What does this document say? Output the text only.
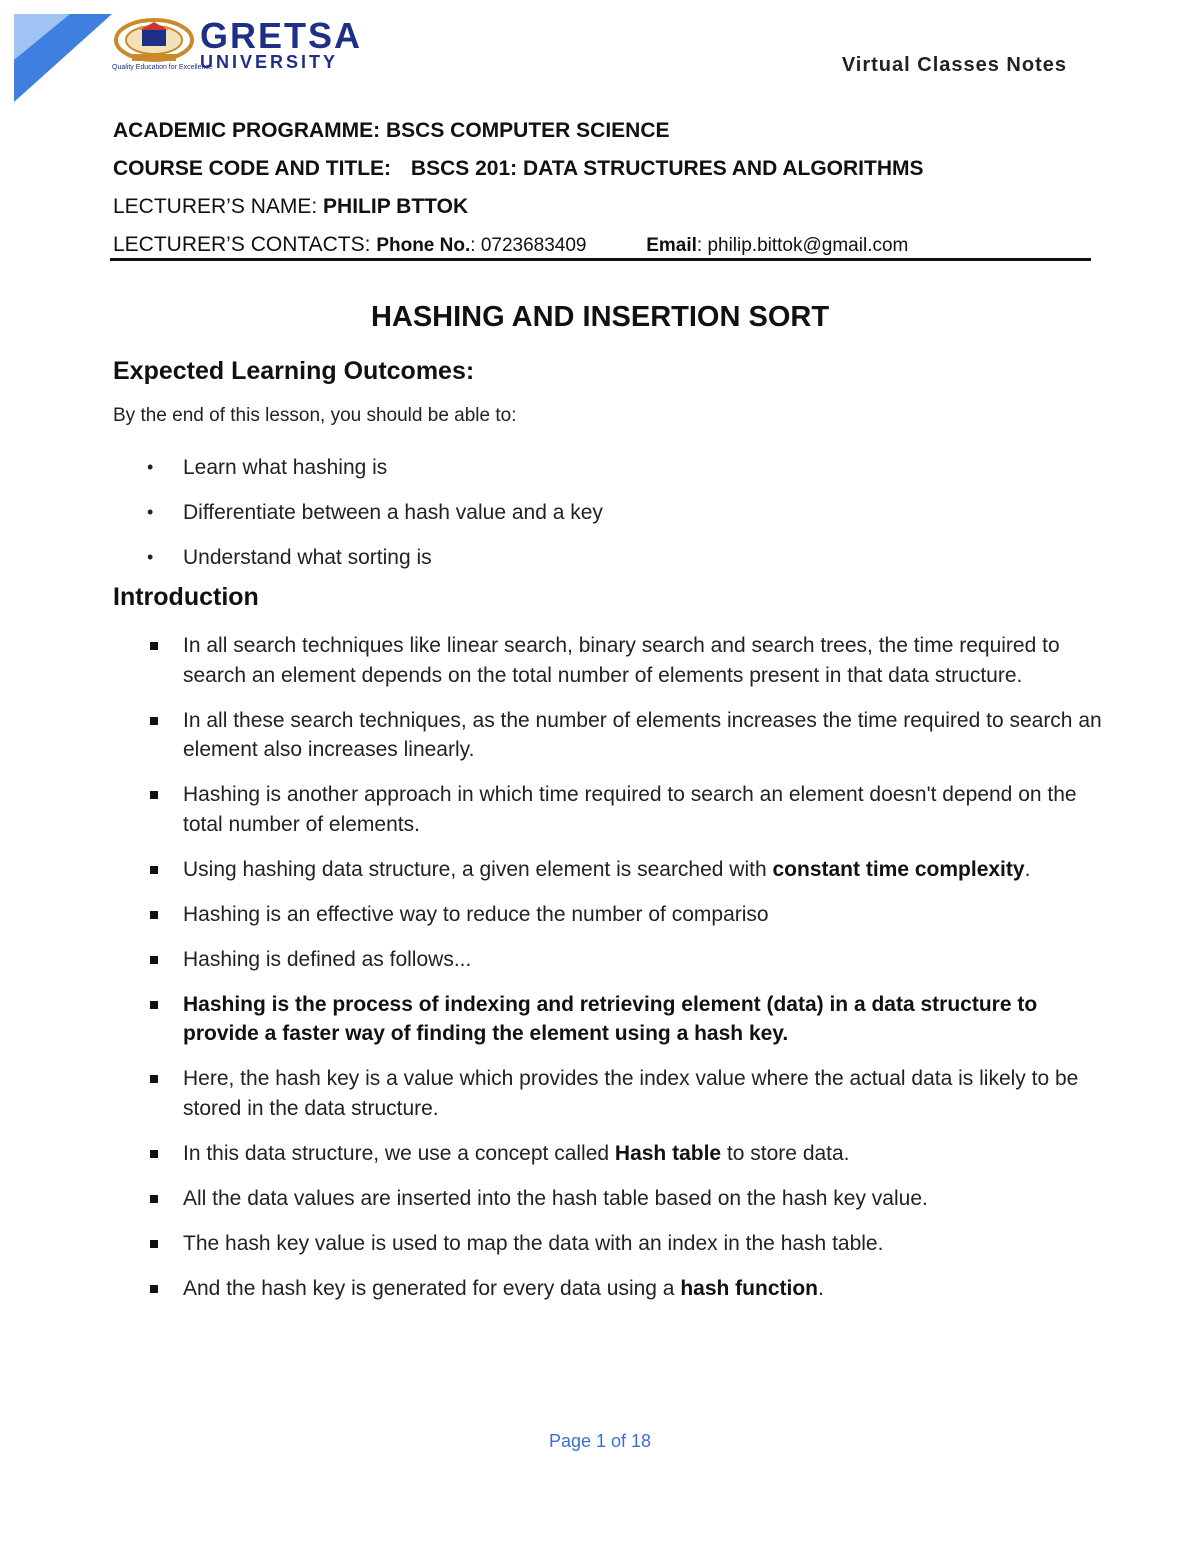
GRETSA
UNIVERSITY
Quality Education for Excellence	Virtual Classes Notes
ACADEMIC PROGRAMME: BSCS COMPUTER SCIENCE
COURSE CODE AND TITLE: BSCS 201: DATA STRUCTURES AND ALGORITHMS
LECTURER’S NAME: PHILIP BTTOK
LECTURER’S CONTACTS: Phone No.: 0723683409	Email: philip.bittok@gmail.com
HASHING AND INSERTION SORT
Expected Learning Outcomes:
By the end of this lesson, you should be able to:
• Learn what hashing is
• Differentiate between a hash value and a key
• Understand what sorting is
Introduction
In all search techniques like linear search, binary search and search trees, the time required to search an element depends on the total number of elements present in that data structure.
In all these search techniques, as the number of elements increases the time required to search an element also increases linearly.
Hashing is another approach in which time required to search an element doesn't depend on the total number of elements.
Using hashing data structure, a given element is searched with constant time complexity.
Hashing is an effective way to reduce the number of compariso
Hashing is defined as follows...
Hashing is the process of indexing and retrieving element (data) in a data structure to provide a faster way of finding the element using a hash key.
Here, the hash key is a value which provides the index value where the actual data is likely to be stored in the data structure.
In this data structure, we use a concept called Hash table to store data.
All the data values are inserted into the hash table based on the hash key value.
The hash key value is used to map the data with an index in the hash table.
And the hash key is generated for every data using a hash function.
Page 1 of 18
